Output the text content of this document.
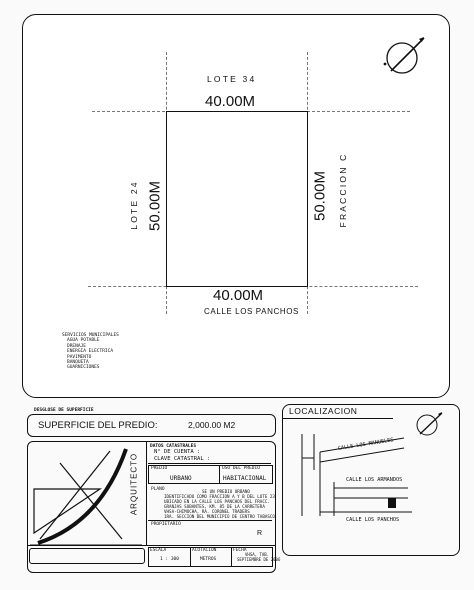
LOTE 34
40.00M
50.00M	50.00M
LOTE 24	FRACCION C
40.00M
CALLE LOS PANCHOS
SERVICIOS MUNICIPALES
AGUA POTABLE
DRENAJE
ENERGIA ELECTRICA
PAVIMENTO
BANQUETA
GUARNICIONES
DESGLOSE DE SUPERFICIE
SUPERFICIE DEL PREDIO:	2,000.00 M2
ARQUITECTO
DATOS CATASTRALES
N° DE CUENTA :
CLAVE CATASTRAL :
PREDIO
URBANO
USO DEL PREDIO
HABITACIONAL
PLANO	SE UN PREDIO URBANO
IDENTIFICADO COMO FRACCION A Y B DEL LOTE 23
UBICADO EN LA CALLE LOS PANCHOS DEL FRACC.
GRANJAS SOBANTES, KM. 85 DE LA CARRETERA
VHSA-CHIMOCHA, RA. CORONEL TRADERS
1RA. SECCION DEL MUNICIPIO DE CENTRO TABASCO
PROPIETARIO
R
ESCALA
1 : 300
ACOTACION
METROS
FECHA
VHSA, TAB.
SEPTIEMBRE DE 2006
LOCALIZACION
CALLE LOS MANUELES
CALLE LOS ARMANDOS
CALLE LOS PANCHOS
